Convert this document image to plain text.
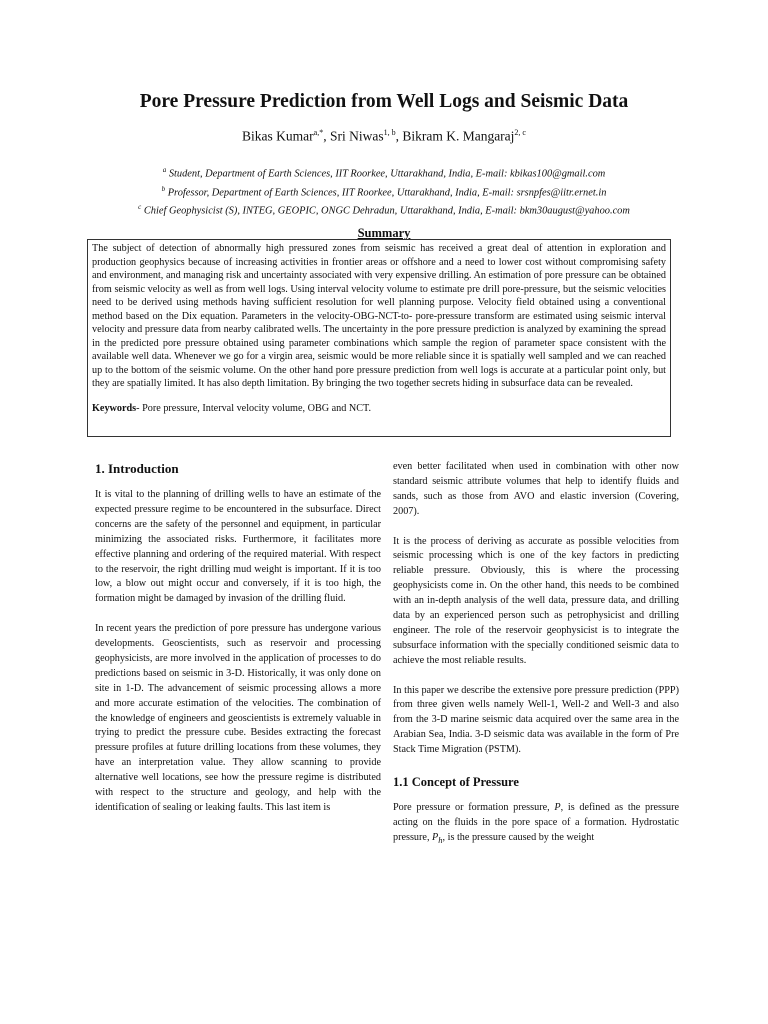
Pore Pressure Prediction from Well Logs and Seismic Data
Bikas Kumar$^{a,*}$, Sri Niwas$^{1, b}$, Bikram K. Mangaraj$^{2, c}$
$^a$ Student, Department of Earth Sciences, IIT Roorkee, Uttarakhand, India, E-mail: kbikas100@gmail.com
$^b$ Professor, Department of Earth Sciences, IIT Roorkee, Uttarakhand, India, E-mail: srsnpfes@iitr.ernet.in
$^c$ Chief Geophysicist (S), INTEG, GEOPIC, ONGC Dehradun, Uttarakhand, India, E-mail: bkm30august@yahoo.com
Summary

The subject of detection of abnormally high pressured zones from seismic has received a great deal of attention in exploration and production geophysics because of increasing activities in frontier areas or offshore and a need to lower cost without compromising safety and environment, and managing risk and uncertainty associated with very expensive drilling. An estimation of pore pressure can be obtained from seismic velocity as well as from well logs. Using interval velocity volume to estimate pre drill pore-pressure, but the seismic velocities need to be derived using methods having sufficient resolution for well planning purpose. Velocity field obtained using a conventional method based on the Dix equation. Parameters in the velocity-OBG-NCT-to- pore-pressure transform are estimated using seismic interval velocity and pressure data from nearby calibrated wells. The uncertainty in the pore pressure prediction is analyzed by examining the spread in the predicted pore pressure obtained using parameter combinations which sample the region of parameter space consistent with the available well data. Whenever we go for a virgin area, seismic would be more reliable since it is spatially well sampled and we can reached up to the bottom of the seismic volume. On the other hand pore pressure prediction from well logs is accurate at a particular point only, but they are spatially limited. It has also depth limitation. By bringing the two together secrets hiding in subsurface data can be revealed.

Keywords- Pore pressure, Interval velocity volume, OBG and NCT.
1. Introduction

It is vital to the planning of drilling wells to have an estimate of the expected pressure regime to be encountered in the subsurface. Direct concerns are the safety of the personnel and equipment, in particular minimizing the associated risks. Furthermore, it facilitates more effective planning and ordering of the required material. With respect to the reservoir, the right drilling mud weight is important. If it is too low, a blow out might occur and conversely, if it is too high, the formation might be damaged by invasion of the drilling fluid.

In recent years the prediction of pore pressure has undergone various developments. Geoscientists, such as reservoir and processing geophysicists, are more involved in the application of processes to do predictions based on seismic in 3-D. Historically, it was only done on site in 1-D. The advancement of seismic processing allows a more and more accurate estimation of the velocities. The combination of the knowledge of engineers and geoscientists is extremely valuable in trying to predict the pressure cube. Besides extracting the forecast pressure profiles at future drilling locations from these volumes, they have an interpretation value. They allow scanning to provide alternative well locations, see how the pressure regime is distributed with respect to the structure and geology, and help with the identification of sealing or leaking faults. This last item is

even better facilitated when used in combination with other now standard seismic attribute volumes that help to identify fluids and sands, such as those from AVO and elastic inversion (Covering, 2007).

It is the process of deriving as accurate as possible velocities from seismic processing which is one of the key factors in predicting reliable pressure. Obviously, this is where the processing geophysicists come in. On the other hand, this needs to be combined with an in-depth analysis of the well data, pressure data, and drilling data by an experienced person such as petrophysicist and drilling engineer. The role of the reservoir geophysicist is to integrate the subsurface information with the specially conditioned seismic data to achieve the most reliable results.

In this paper we describe the extensive pore pressure prediction (PPP) from three given wells namely Well-1, Well-2 and Well-3 and also from the 3-D marine seismic data acquired over the same area in the Arabian Sea, India. 3-D seismic data was available in the form of Pre Stack Time Migration (PSTM).

1.1 Concept of Pressure

Pore pressure or formation pressure, P, is defined as the pressure acting on the fluids in the pore space of a formation. Hydrostatic pressure, $P_h$, is the pressure caused by the weight
